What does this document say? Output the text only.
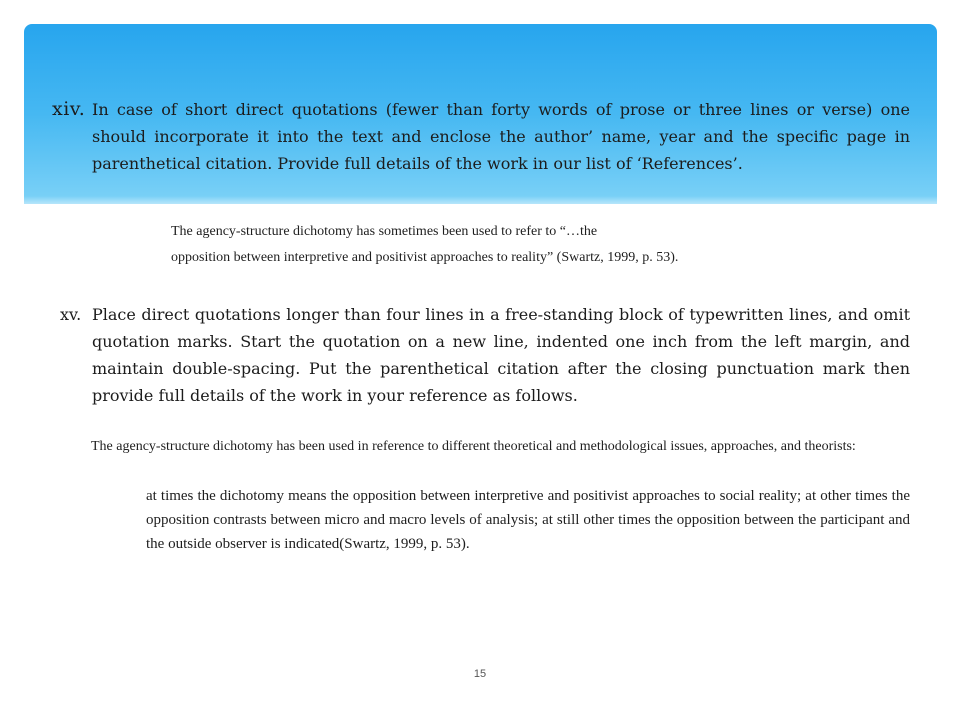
xiv. In case of short direct quotations (fewer than forty words of prose or three lines or verse) one should incorporate it into the text and enclose the author’ name, year and the specific page in parenthetical citation. Provide full details of the work in our list of ‘References’.

The agency-structure dichotomy has sometimes been used to refer to “…the

opposition between interpretive and positivist approaches to reality” (Swartz, 1999, p. 53).

xv. Place direct quotations longer than four lines in a free-standing block of typewritten lines, and omit quotation marks. Start the quotation on a new line, indented one inch from the left margin, and maintain double-spacing. Put the parenthetical citation after the closing punctuation mark then provide full details of the work in your reference as follows.

The agency-structure dichotomy has been used in reference to different theoretical and methodological issues, approaches, and theorists:

at times the dichotomy means the opposition between interpretive and positivist approaches to social reality; at other times the opposition contrasts between micro and macro levels of analysis; at still other times the opposition between the participant and the outside observer is indicated(Swartz, 1999, p. 53).

15
